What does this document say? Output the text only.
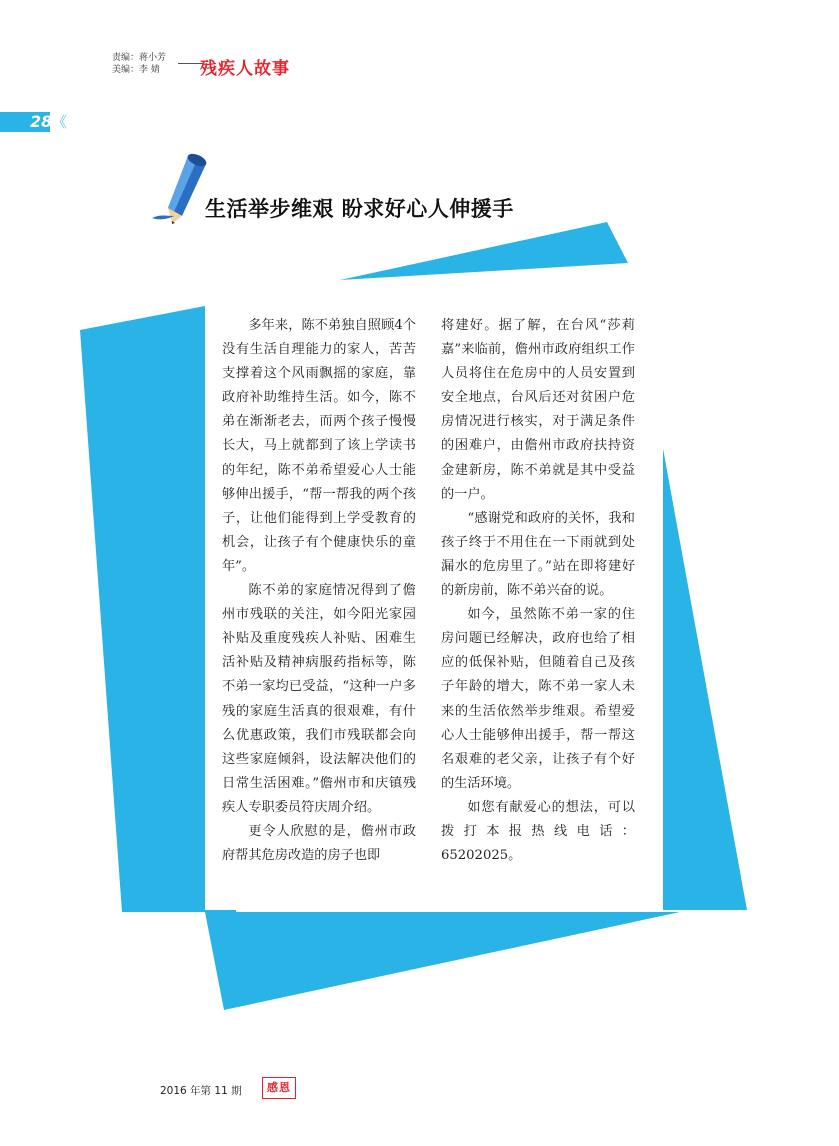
责编：蒋小芳
美编：李 婧	残疾人故事
28 《
生活举步维艰 盼求好心人伸援手

多年来，陈不弟独自照顾4个没有生活自理能力的家人，苦苦支撑着这个风雨飘摇的家庭，靠政府补助维持生活。如今，陈不弟在渐渐老去，而两个孩子慢慢长大，马上就都到了该上学读书的年纪，陈不弟希望爱心人士能够伸出援手，“帮一帮我的两个孩子，让他们能得到上学受教育的机会，让孩子有个健康快乐的童年”。

陈不弟的家庭情况得到了儋州市残联的关注，如今阳光家园补贴及重度残疾人补贴、困难生活补贴及精神病服药指标等，陈不弟一家均已受益，“这种一户多残的家庭生活真的很艰难，有什么优惠政策，我们市残联都会向这些家庭倾斜，设法解决他们的日常生活困难。”儋州市和庆镇残疾人专职委员符庆周介绍。

更令人欣慰的是，儋州市政府帮其危房改造的房子也即

将建好。据了解，在台风“莎莉嘉”来临前，儋州市政府组织工作人员将住在危房中的人员安置到安全地点，台风后还对贫困户危房情况进行核实，对于满足条件的困难户，由儋州市政府扶持资金建新房，陈不弟就是其中受益的一户。

“感谢党和政府的关怀，我和孩子终于不用住在一下雨就到处漏水的危房里了。”站在即将建好的新房前，陈不弟兴奋的说。

如今，虽然陈不弟一家的住房问题已经解决，政府也给了相应的低保补贴，但随着自己及孩子年龄的增大，陈不弟一家人未来的生活依然举步维艰。希望爱心人士能够伸出援手，帮一帮这名艰难的老父亲，让孩子有个好的生活环境。

如您有献爱心的想法，可以拨打本报热线电话：65202025。

2016 年第 11 期	感恩
